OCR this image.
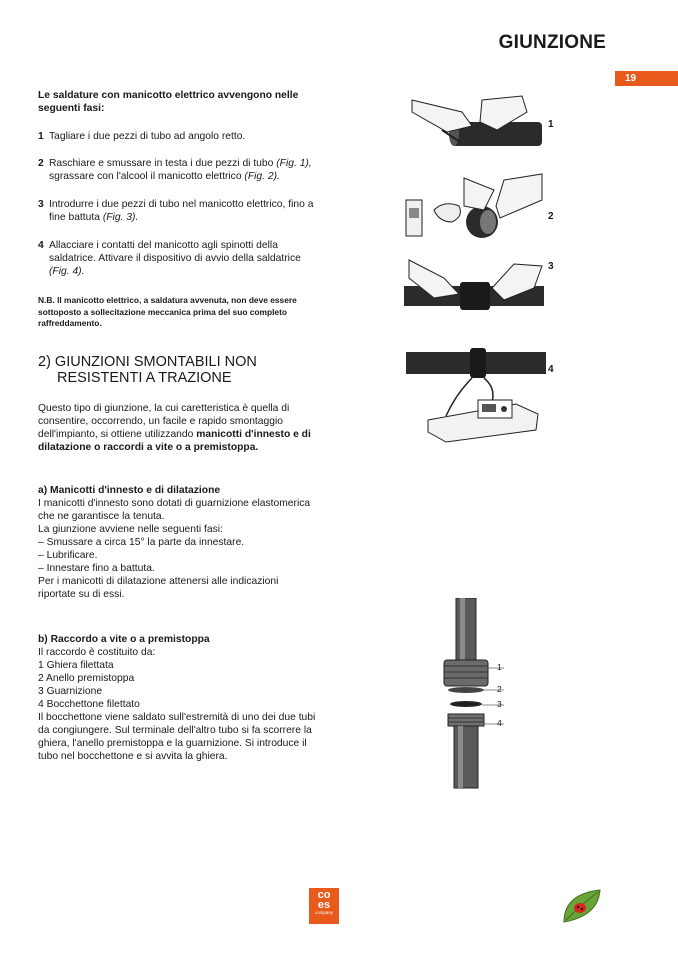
GIUNZIONE
19
Le saldature con manicotto elettrico avvengono nelle seguenti fasi:
1 Tagliare i due pezzi di tubo ad angolo retto.
2 Raschiare e smussare in testa i due pezzi di tubo (Fig. 1), sgrassare con l'alcool il manicotto elettrico (Fig. 2).
3 Introdurre i due pezzi di tubo nel manicotto elettrico, fino a fine battuta (Fig. 3).
4 Allacciare i contatti del manicotto agli spinotti della saldatrice. Attivare il dispositivo di avvio della saldatrice (Fig. 4).
N.B. Il manicotto elettrico, a saldatura avvenuta, non deve essere sottoposto a sollecitazione meccanica prima del suo completo raffreddamento.
2) GIUNZIONI SMONTABILI NON
RESISTENTI A TRAZIONE
Questo tipo di giunzione, la cui caretteristica è quella di consentire, occorrendo, un facile e rapido smontaggio dell'impianto, si ottiene utilizzando manicotti d'innesto e di dilatazione o raccordi a vite o a premistoppa.
a) Manicotti d'innesto e di dilatazione
I manicotti d'innesto sono dotati di guarnizione elastomerica che ne garantisce la tenuta.
La giunzione avviene nelle seguenti fasi:
– Smussare a circa 15° la parte da innestare.
– Lubrificare.
– Innestare fino a battuta.
Per i manicotti di dilatazione attenersi alle indicazioni riportate su di essi.
b) Raccordo a vite o a premistoppa
Il raccordo è costituito da:
1 Ghiera filettata
2 Anello premistoppa
3 Guarnizione
4 Bocchettone filettato
Il bocchettone viene saldato sull'estremità di uno dei due tubi da congiungere. Sul terminale dell'altro tubo si fa scorrere la ghiera, l'anello premistoppa e la guarnizione. Si introduce il tubo nel bocchettone e si avvita la ghiera.
1
2
3
4
1
2
3
4
co
es
company
